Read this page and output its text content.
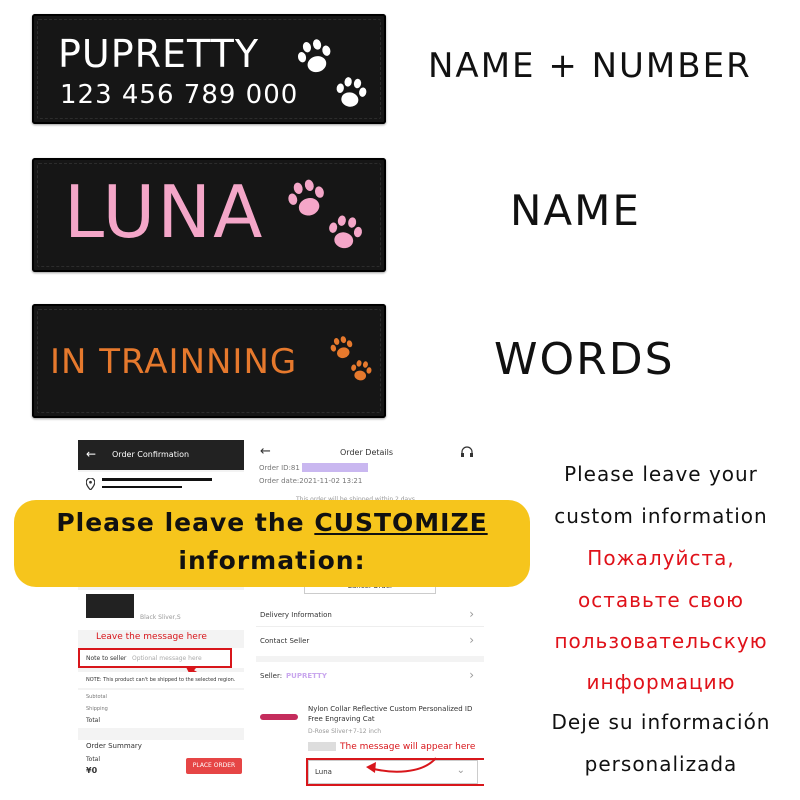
PUPRETTY
123 456 789 000
NAME + NUMBER
LUNA	NAME
IN TRAINNING	WORDS
← Order Confirmation
Black Sliver,S
Leave the message here
Note to seller Optional message here
NOTE: This product can't be shipped to the selected region.
Subtotal
Shipping
Total
Order Summary
Total
¥0
PLACE ORDER
←	Order Details
Order ID:81
Order date:2021-11-02 13:21
Delivery Information	›
Contact Seller	›
Seller: PUPRETTY	›
Nylon Collar Reflective Custom Personalized ID Free Engraving Cat
D-Rose Sliver+7-12 inch
The message will appear here
Luna	⌄
Please leave the CUSTOMIZE
information:
Please leave your
custom information
Пожалуйста,
оставьте свою
пользовательскую
информацию
Deje su información
personalizada
